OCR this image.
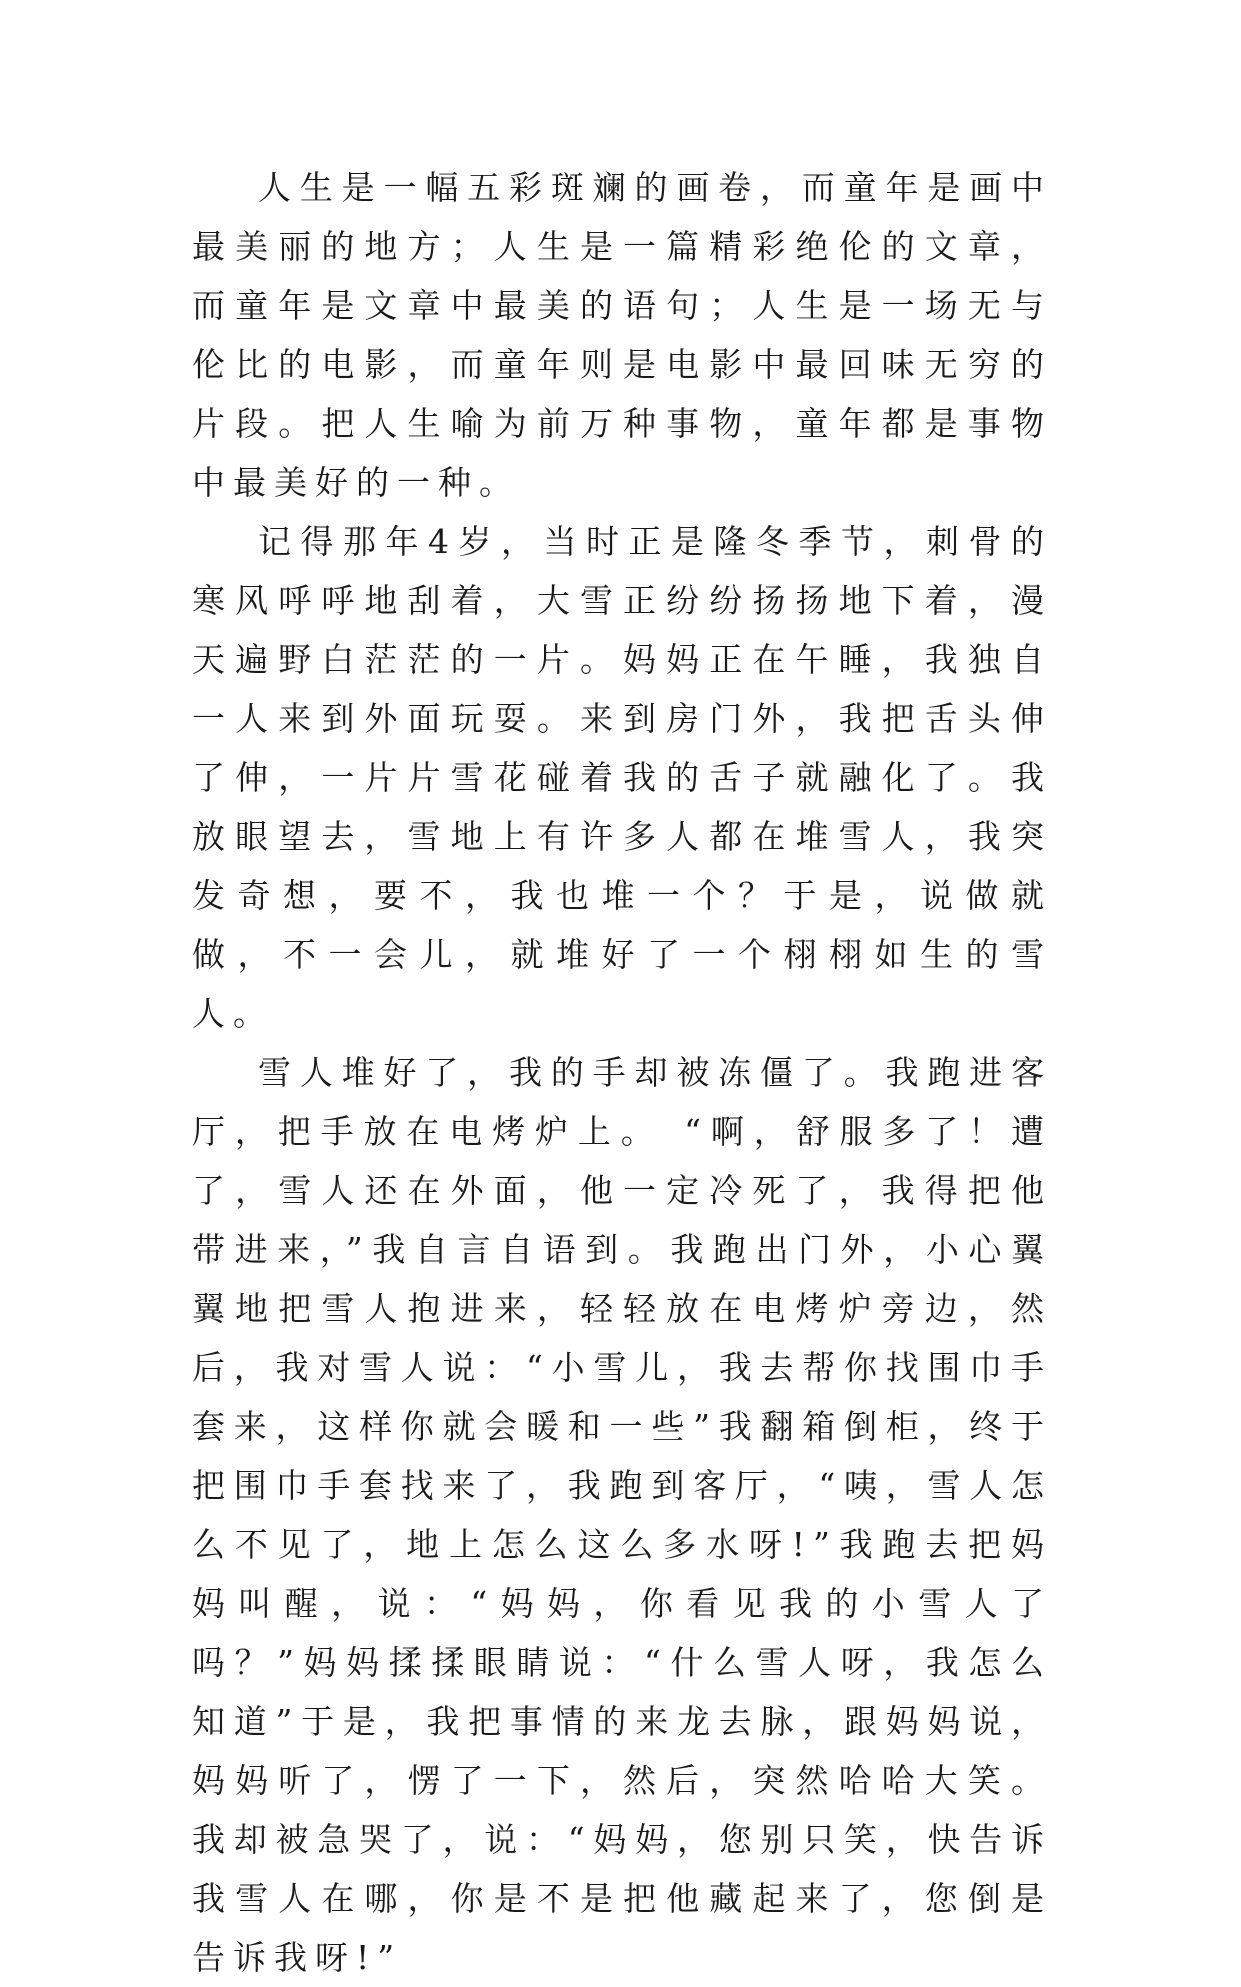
人生是一幅五彩斑斓的画卷，而童年是画中最美丽的地方；人生是一篇精彩绝伦的文章，而童年是文章中最美的语句；人生是一场无与伦比的电影，而童年则是电影中最回味无穷的片段。把人生喻为前万种事物，童年都是事物中最美好的一种。

记得那年4岁，当时正是隆冬季节，刺骨的寒风呼呼地刮着，大雪正纷纷扬扬地下着，漫天遍野白茫茫的一片。妈妈正在午睡，我独自一人来到外面玩耍。来到房门外，我把舌头伸了伸，一片片雪花碰着我的舌子就融化了。我放眼望去，雪地上有许多人都在堆雪人，我突发奇想，要不，我也堆一个？于是，说做就做，不一会儿，就堆好了一个栩栩如生的雪人。

雪人堆好了，我的手却被冻僵了。我跑进客厅，把手放在电烤炉上。 “啊，舒服多了！遭了，雪人还在外面，他一定冷死了，我得把他带进来，”我自言自语到。我跑出门外，小心翼翼地把雪人抱进来，轻轻放在电烤炉旁边，然后，我对雪人说：“小雪儿，我去帮你找围巾手套来，这样你就会暖和一些”我翻箱倒柜，终于把围巾手套找来了，我跑到客厅，“咦，雪人怎么不见了，地上怎么这么多水呀!”我跑去把妈妈叫醒，说：“妈妈，你看见我的小雪人了吗？”妈妈揉揉眼睛说：“什么雪人呀，我怎么知道”于是，我把事情的来龙去脉，跟妈妈说，妈妈听了，愣了一下，然后，突然哈哈大笑。我却被急哭了，说：“妈妈，您别只笑，快告诉我雪人在哪，你是不是把他藏起来了，您倒是告诉我呀!”
